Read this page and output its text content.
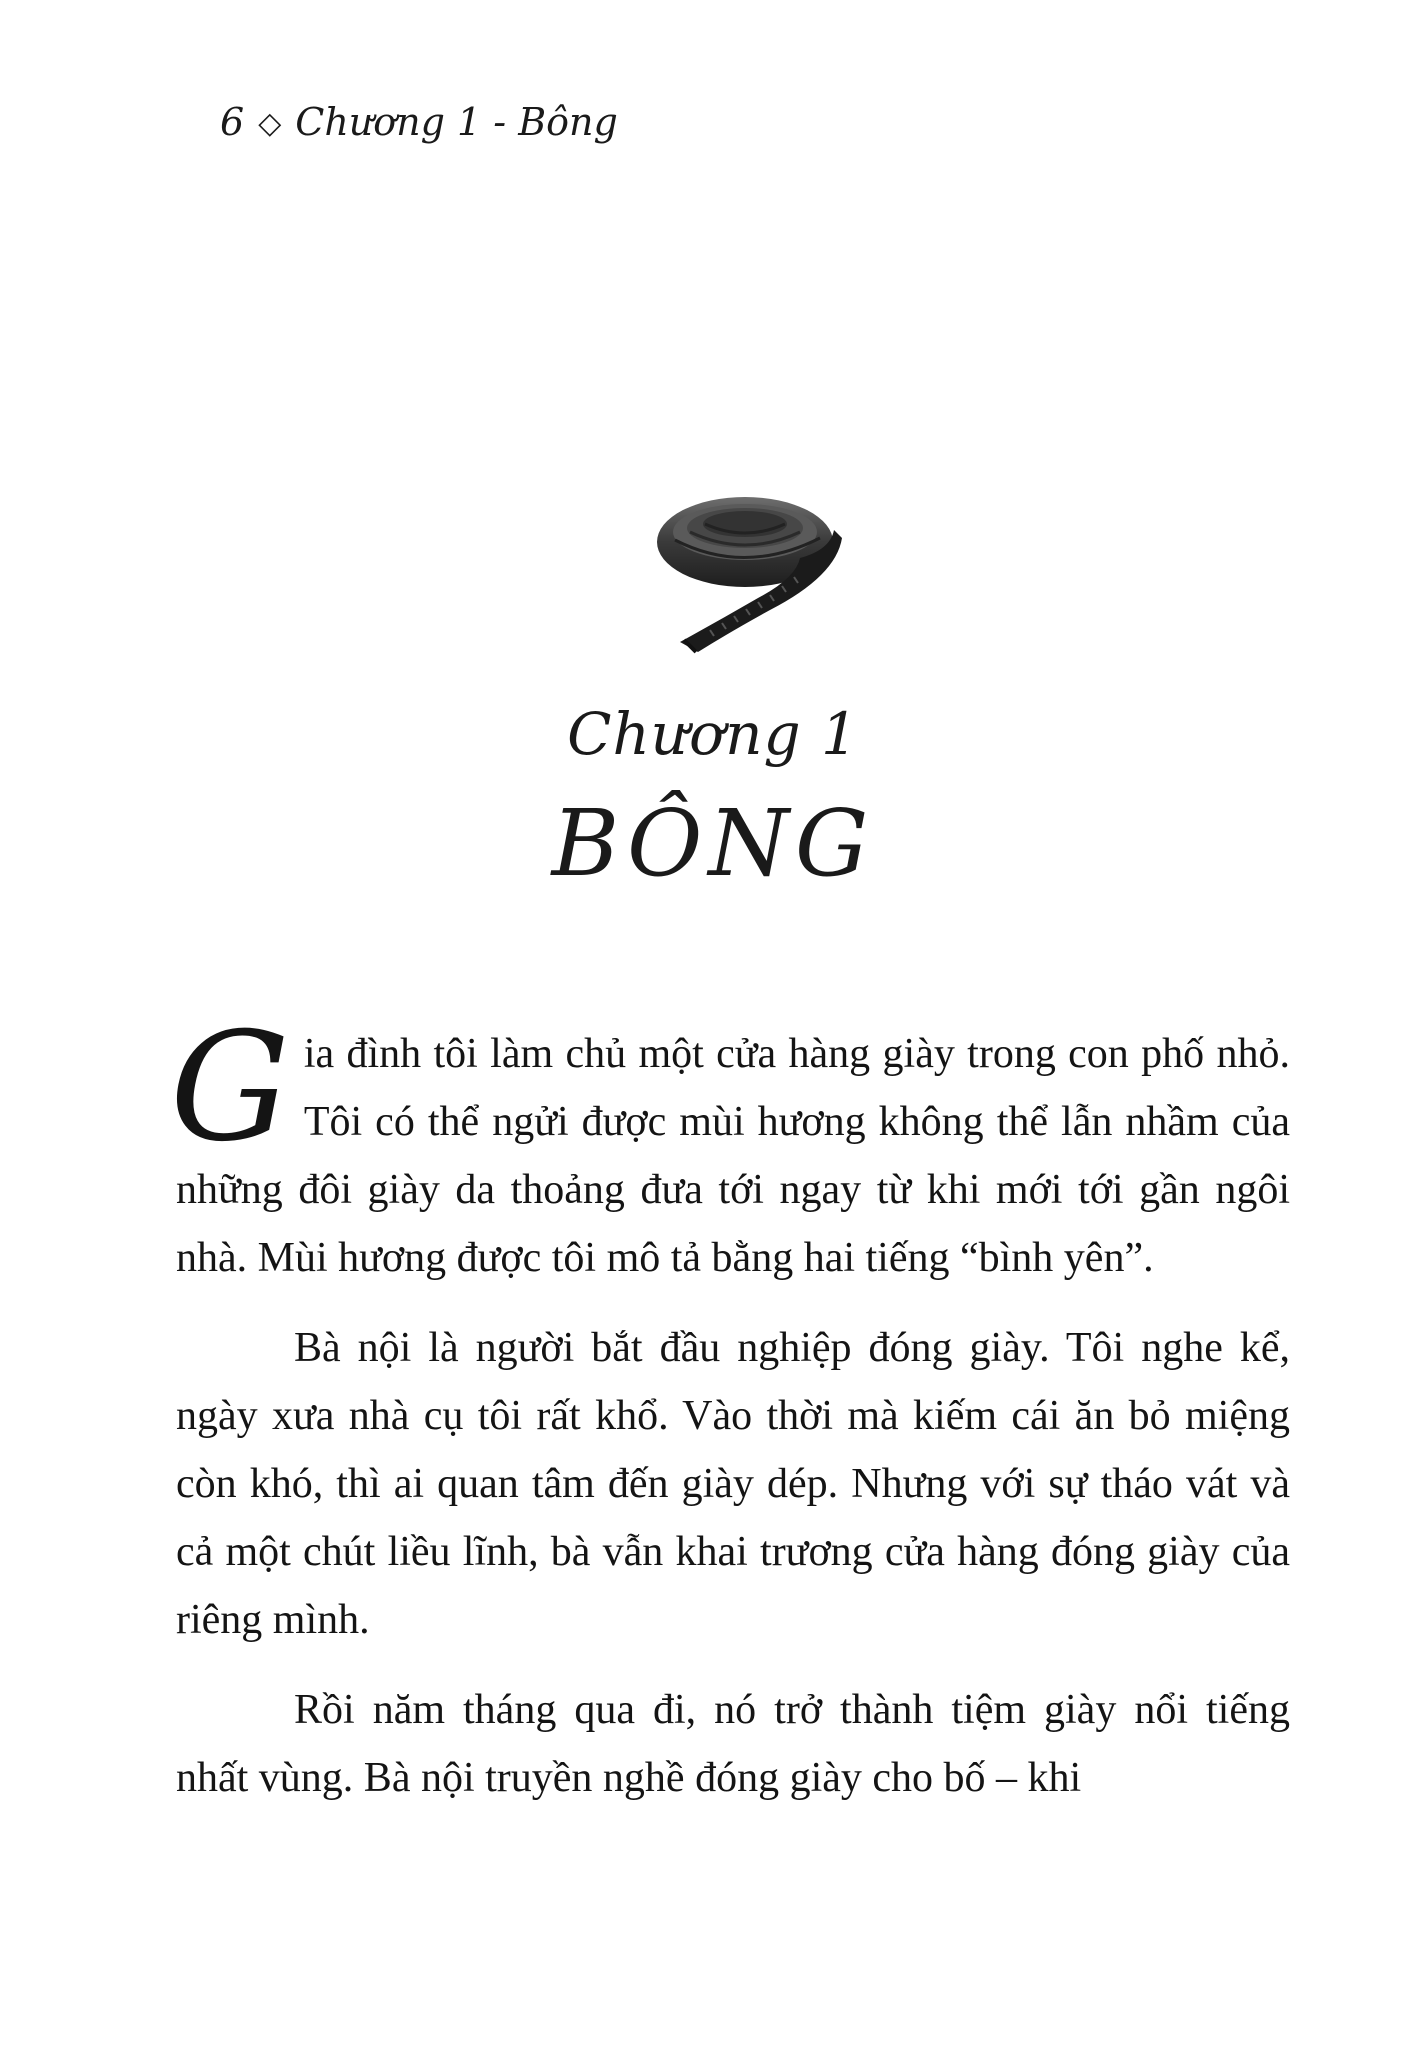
6 ◇ Chương 1 - Bông
Chương 1
BÔNG

Gia đình tôi làm chủ một cửa hàng giày trong con phố nhỏ. Tôi có thể ngửi được mùi hương không thể lẫn nhầm của những đôi giày da thoảng đưa tới ngay từ khi mới tới gần ngôi nhà. Mùi hương được tôi mô tả bằng hai tiếng “bình yên”.

Bà nội là người bắt đầu nghiệp đóng giày. Tôi nghe kể, ngày xưa nhà cụ tôi rất khổ. Vào thời mà kiếm cái ăn bỏ miệng còn khó, thì ai quan tâm đến giày dép. Nhưng với sự tháo vát và cả một chút liều lĩnh, bà vẫn khai trương cửa hàng đóng giày của riêng mình.

Rồi năm tháng qua đi, nó trở thành tiệm giày nổi tiếng nhất vùng. Bà nội truyền nghề đóng giày cho bố – khi
